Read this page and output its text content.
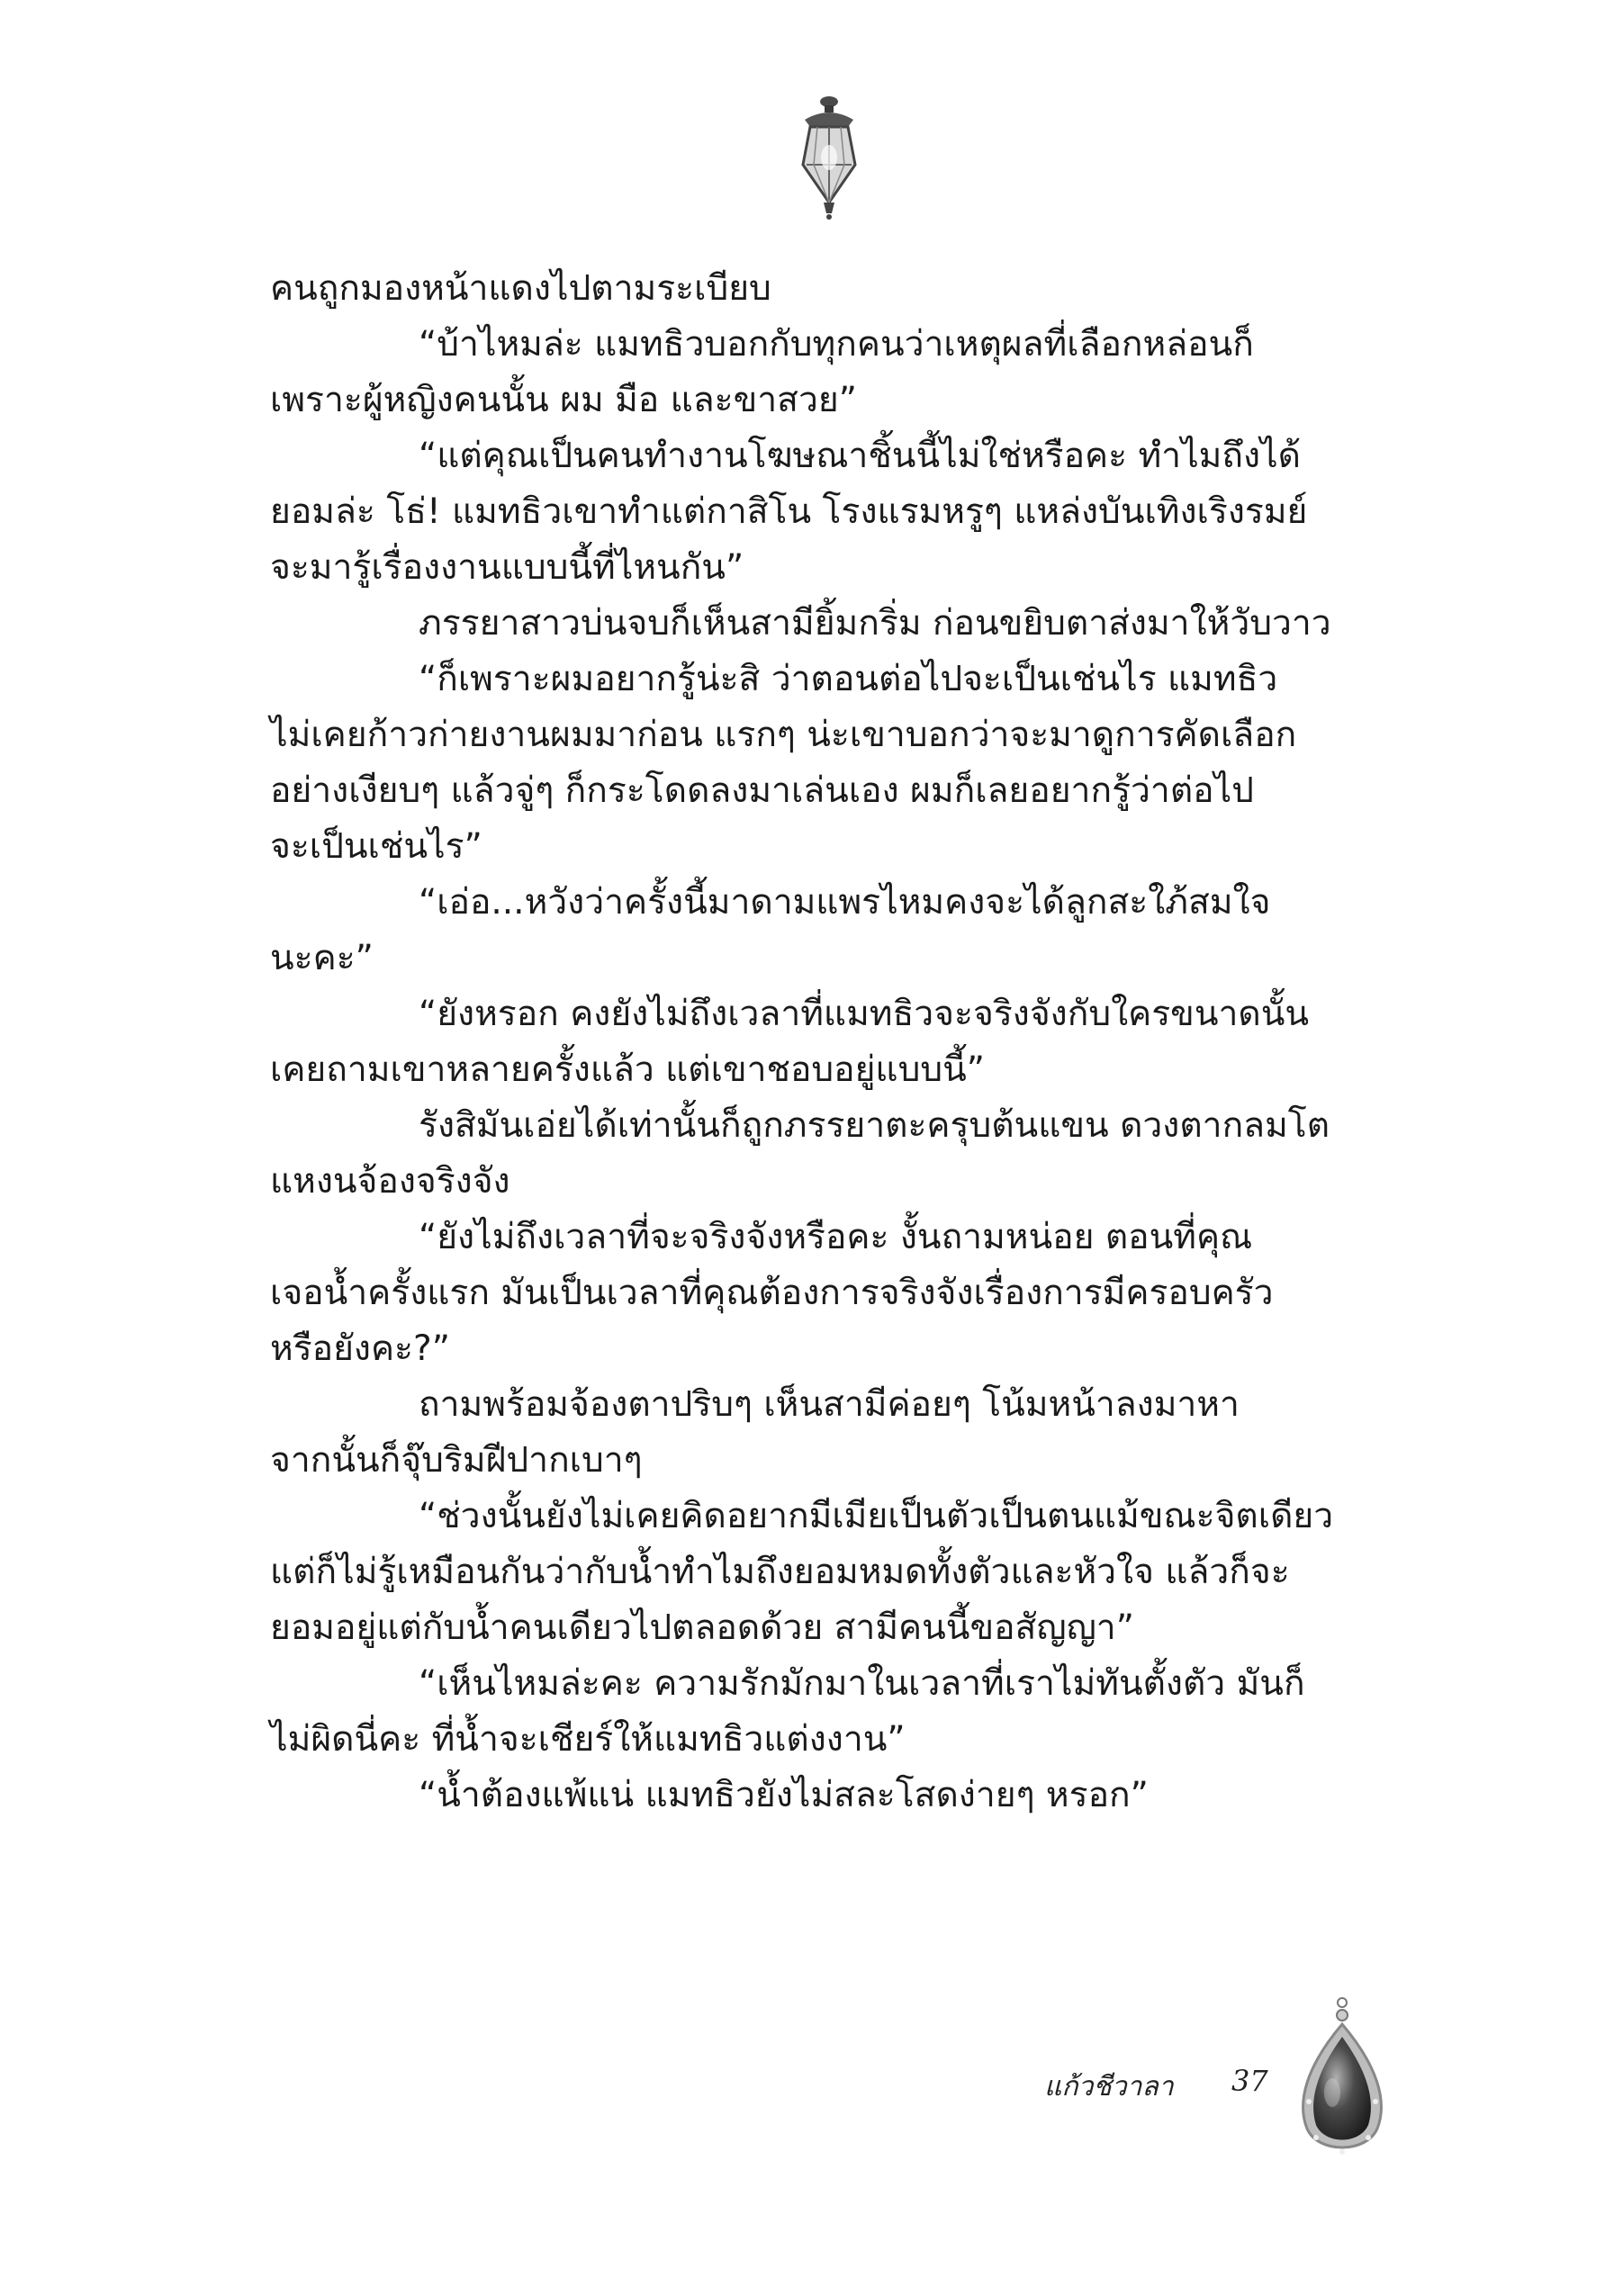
คนถูกมองหน้าแดงไปตามระเบียบ
“บ้าไหมล่ะ แมทธิวบอกกับทุกคนว่าเหตุผลที่เลือกหล่อนก็
เพราะผู้หญิงคนนั้น ผม มือ และขาสวย”
“แต่คุณเป็นคนทำงานโฆษณาชิ้นนี้ไม่ใช่หรือคะ ทำไมถึงได้
ยอมล่ะ โธ่! แมทธิวเขาทำแต่กาสิโน โรงแรมหรูๆ แหล่งบันเทิงเริงรมย์
จะมารู้เรื่องงานแบบนี้ที่ไหนกัน”
ภรรยาสาวบ่นจบก็เห็นสามียิ้มกริ่ม ก่อนขยิบตาส่งมาให้วับวาว
“ก็เพราะผมอยากรู้น่ะสิ ว่าตอนต่อไปจะเป็นเช่นไร แมทธิว
ไม่เคยก้าวก่ายงานผมมาก่อน แรกๆ น่ะเขาบอกว่าจะมาดูการคัดเลือก
อย่างเงียบๆ แล้วจู่ๆ ก็กระโดดลงมาเล่นเอง ผมก็เลยอยากรู้ว่าต่อไป
จะเป็นเช่นไร”
“เอ่อ...หวังว่าครั้งนี้มาดามแพรไหมคงจะได้ลูกสะใภ้สมใจ
นะคะ”
“ยังหรอก คงยังไม่ถึงเวลาที่แมทธิวจะจริงจังกับใครขนาดนั้น
เคยถามเขาหลายครั้งแล้ว แต่เขาชอบอยู่แบบนี้”
รังสิมันเอ่ยได้เท่านั้นก็ถูกภรรยาตะครุบต้นแขน ดวงตากลมโต
แหงนจ้องจริงจัง
“ยังไม่ถึงเวลาที่จะจริงจังหรือคะ งั้นถามหน่อย ตอนที่คุณ
เจอน้ำครั้งแรก มันเป็นเวลาที่คุณต้องการจริงจังเรื่องการมีครอบครัว
หรือยังคะ?”
ถามพร้อมจ้องตาปริบๆ เห็นสามีค่อยๆ โน้มหน้าลงมาหา
จากนั้นก็จุ๊บริมฝีปากเบาๆ
“ช่วงนั้นยังไม่เคยคิดอยากมีเมียเป็นตัวเป็นตนแม้ขณะจิตเดียว
แต่ก็ไม่รู้เหมือนกันว่ากับน้ำทำไมถึงยอมหมดทั้งตัวและหัวใจ แล้วก็จะ
ยอมอยู่แต่กับน้ำคนเดียวไปตลอดด้วย สามีคนนี้ขอสัญญา”
“เห็นไหมล่ะคะ ความรักมักมาในเวลาที่เราไม่ทันตั้งตัว มันก็
ไม่ผิดนี่คะ ที่น้ำจะเชียร์ให้แมทธิวแต่งงาน”
“น้ำต้องแพ้แน่ แมทธิวยังไม่สละโสดง่ายๆ หรอก”
แก้วชีวาลา 37
